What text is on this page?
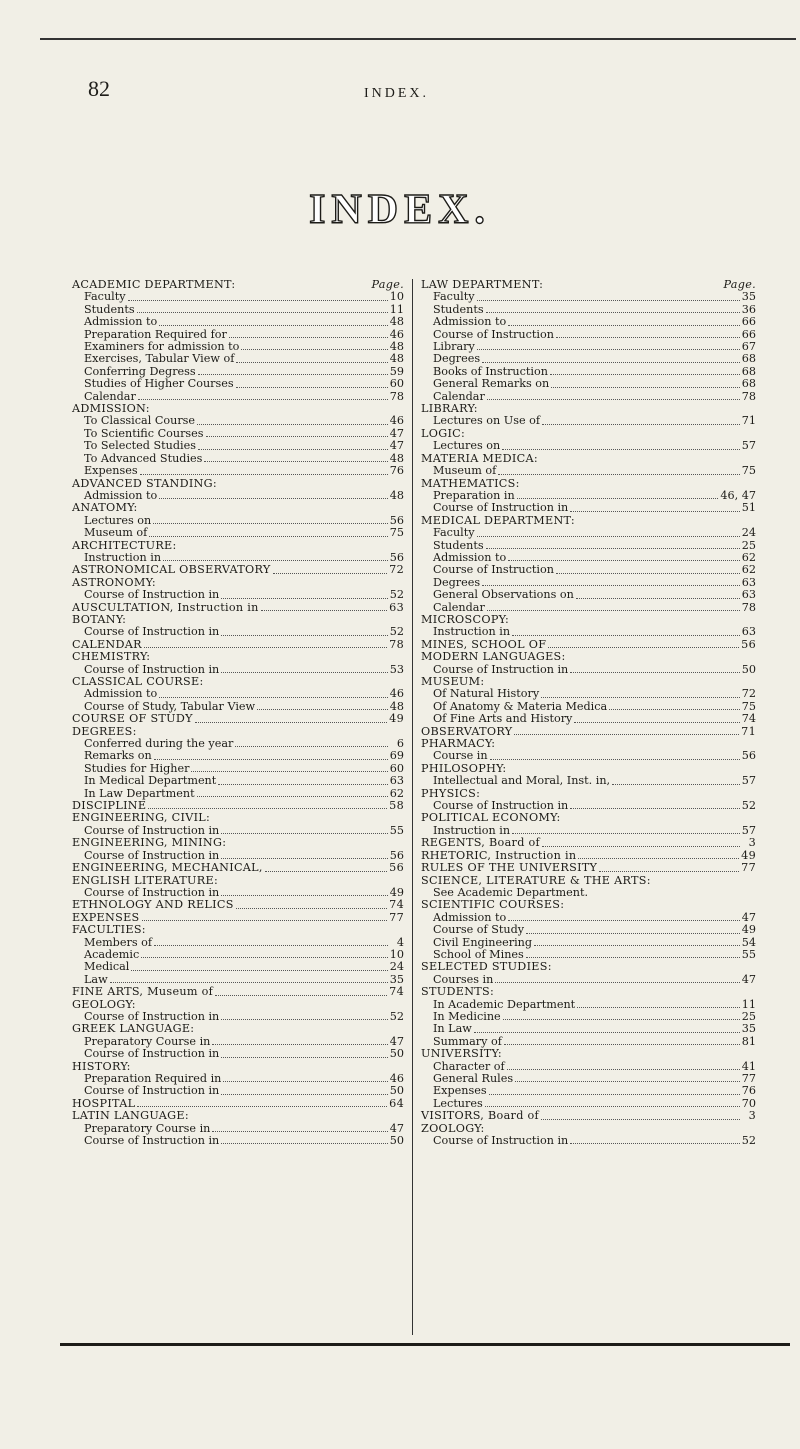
82	INDEX.
INDEX.
ACADEMIC DEPARTMENT:	Page.
Faculty	10
Students	11
Admission to	48
Preparation Required for	46
Examiners for admission to	48
Exercises, Tabular View of	48
Conferring Degress	59
Studies of Higher Courses	60
Calendar	78
ADMISSION:
To Classical Course	46
To Scientific Courses	47
To Selected Studies	47
To Advanced Studies	48
Expenses	76
ADVANCED STANDING:
Admission to	48
ANATOMY:
Lectures on	56
Museum of	75
ARCHITECTURE:
Instruction in	56
ASTRONOMICAL OBSERVATORY	72
ASTRONOMY:
Course of Instruction in	52
AUSCULTATION, Instruction in	63
BOTANY:
Course of Instruction in	52
CALENDAR	78
CHEMISTRY:
Course of Instruction in	53
CLASSICAL COURSE:
Admission to	46
Course of Study, Tabular View	48
COURSE OF STUDY	49
DEGREES:
Conferred during the year	6
Remarks on	69
Studies for Higher	60
In Medical Department	63
In Law Department	62
DISCIPLINE	58
ENGINEERING, CIVIL:
Course of Instruction in	55
ENGINEERING, MINING:
Course of Instruction in	56
ENGINEERING, MECHANICAL,	56
ENGLISH LITERATURE:
Course of Instruction in	49
ETHNOLOGY AND RELICS	74
EXPENSES	77
FACULTIES:
Members of	4
Academic	10
Medical	24
Law	35
FINE ARTS, Museum of	74
GEOLOGY:
Course of Instruction in	52
GREEK LANGUAGE:
Preparatory Course in	47
Course of Instruction in	50
HISTORY:
Preparation Required in	46
Course of Instruction in	50
HOSPITAL	64
LATIN LANGUAGE:
Preparatory Course in	47
Course of Instruction in	50
LAW DEPARTMENT:	Page.
Faculty	35
Students	36
Admission to	66
Course of Instruction	66
Library	67
Degrees	68
Books of Instruction	68
General Remarks on	68
Calendar	78
LIBRARY:
Lectures on Use of	71
LOGIC:
Lectures on	57
MATERIA MEDICA:
Museum of	75
MATHEMATICS:
Preparation in	46, 47
Course of Instruction in	51
MEDICAL DEPARTMENT:
Faculty	24
Students	25
Admission to	62
Course of Instruction	62
Degrees	63
General Observations on	63
Calendar	78
MICROSCOPY:
Instruction in	63
MINES, SCHOOL OF	56
MODERN LANGUAGES:
Course of Instruction in	50
MUSEUM:
Of Natural History	72
Of Anatomy & Materia Medica	75
Of Fine Arts and History	74
OBSERVATORY	71
PHARMACY:
Course in	56
PHILOSOPHY:
Intellectual and Moral, Inst. in,	57
PHYSICS:
Course of Instruction in	52
POLITICAL ECONOMY:
Instruction in	57
REGENTS, Board of	3
RHETORIC, Instruction in	49
RULES OF THE UNIVERSITY	77
SCIENCE, LITERATURE & THE ARTS:
See Academic Department.
SCIENTIFIC COURSES:
Admission to	47
Course of Study	49
Civil Engineering	54
School of Mines	55
SELECTED STUDIES:
Courses in	47
STUDENTS:
In Academic Department	11
In Medicine	25
In Law	35
Summary of	81
UNIVERSITY:
Character of	41
General Rules	77
Expenses	76
Lectures	70
VISITORS, Board of	3
ZOOLOGY:
Course of Instruction in	52
